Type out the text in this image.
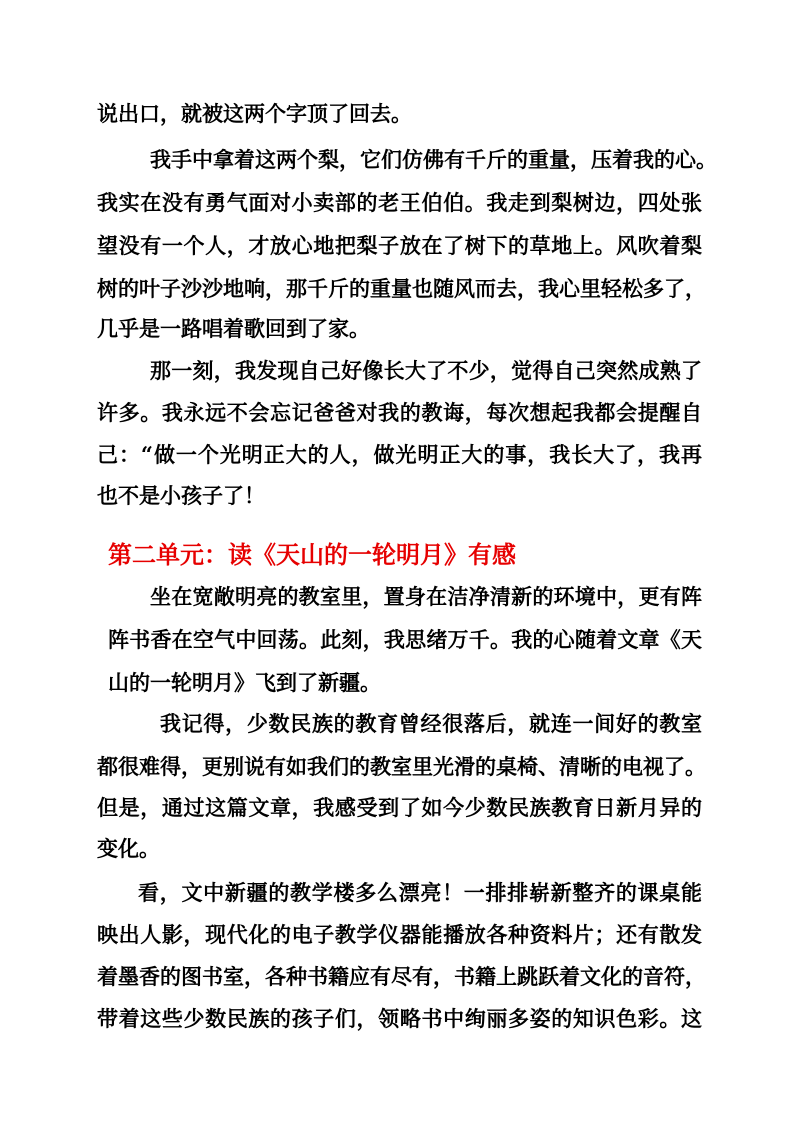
说出口，就被这两个字顶了回去。
我手中拿着这两个梨，它们仿佛有千斤的重量，压着我的心。
我实在没有勇气面对小卖部的老王伯伯。我走到梨树边，四处张
望没有一个人，才放心地把梨子放在了树下的草地上。风吹着梨
树的叶子沙沙地响，那千斤的重量也随风而去，我心里轻松多了，
几乎是一路唱着歌回到了家。
那一刻，我发现自己好像长大了不少，觉得自己突然成熟了
许多。我永远不会忘记爸爸对我的教诲，每次想起我都会提醒自
己：“做一个光明正大的人，做光明正大的事，我长大了，我再
也不是小孩子了！
第二单元：读《天山的一轮明月》有感
坐在宽敞明亮的教室里，置身在洁净清新的环境中，更有阵
阵书香在空气中回荡。此刻，我思绪万千。我的心随着文章《天
山的一轮明月》飞到了新疆。
我记得，少数民族的教育曾经很落后，就连一间好的教室
都很难得，更别说有如我们的教室里光滑的桌椅、清晰的电视了。
但是，通过这篇文章，我感受到了如今少数民族教育日新月异的
变化。
看，文中新疆的教学楼多么漂亮！一排排崭新整齐的课桌能
映出人影，现代化的电子教学仪器能播放各种资料片；还有散发
着墨香的图书室，各种书籍应有尽有，书籍上跳跃着文化的音符，
带着这些少数民族的孩子们，领略书中绚丽多姿的知识色彩。这
